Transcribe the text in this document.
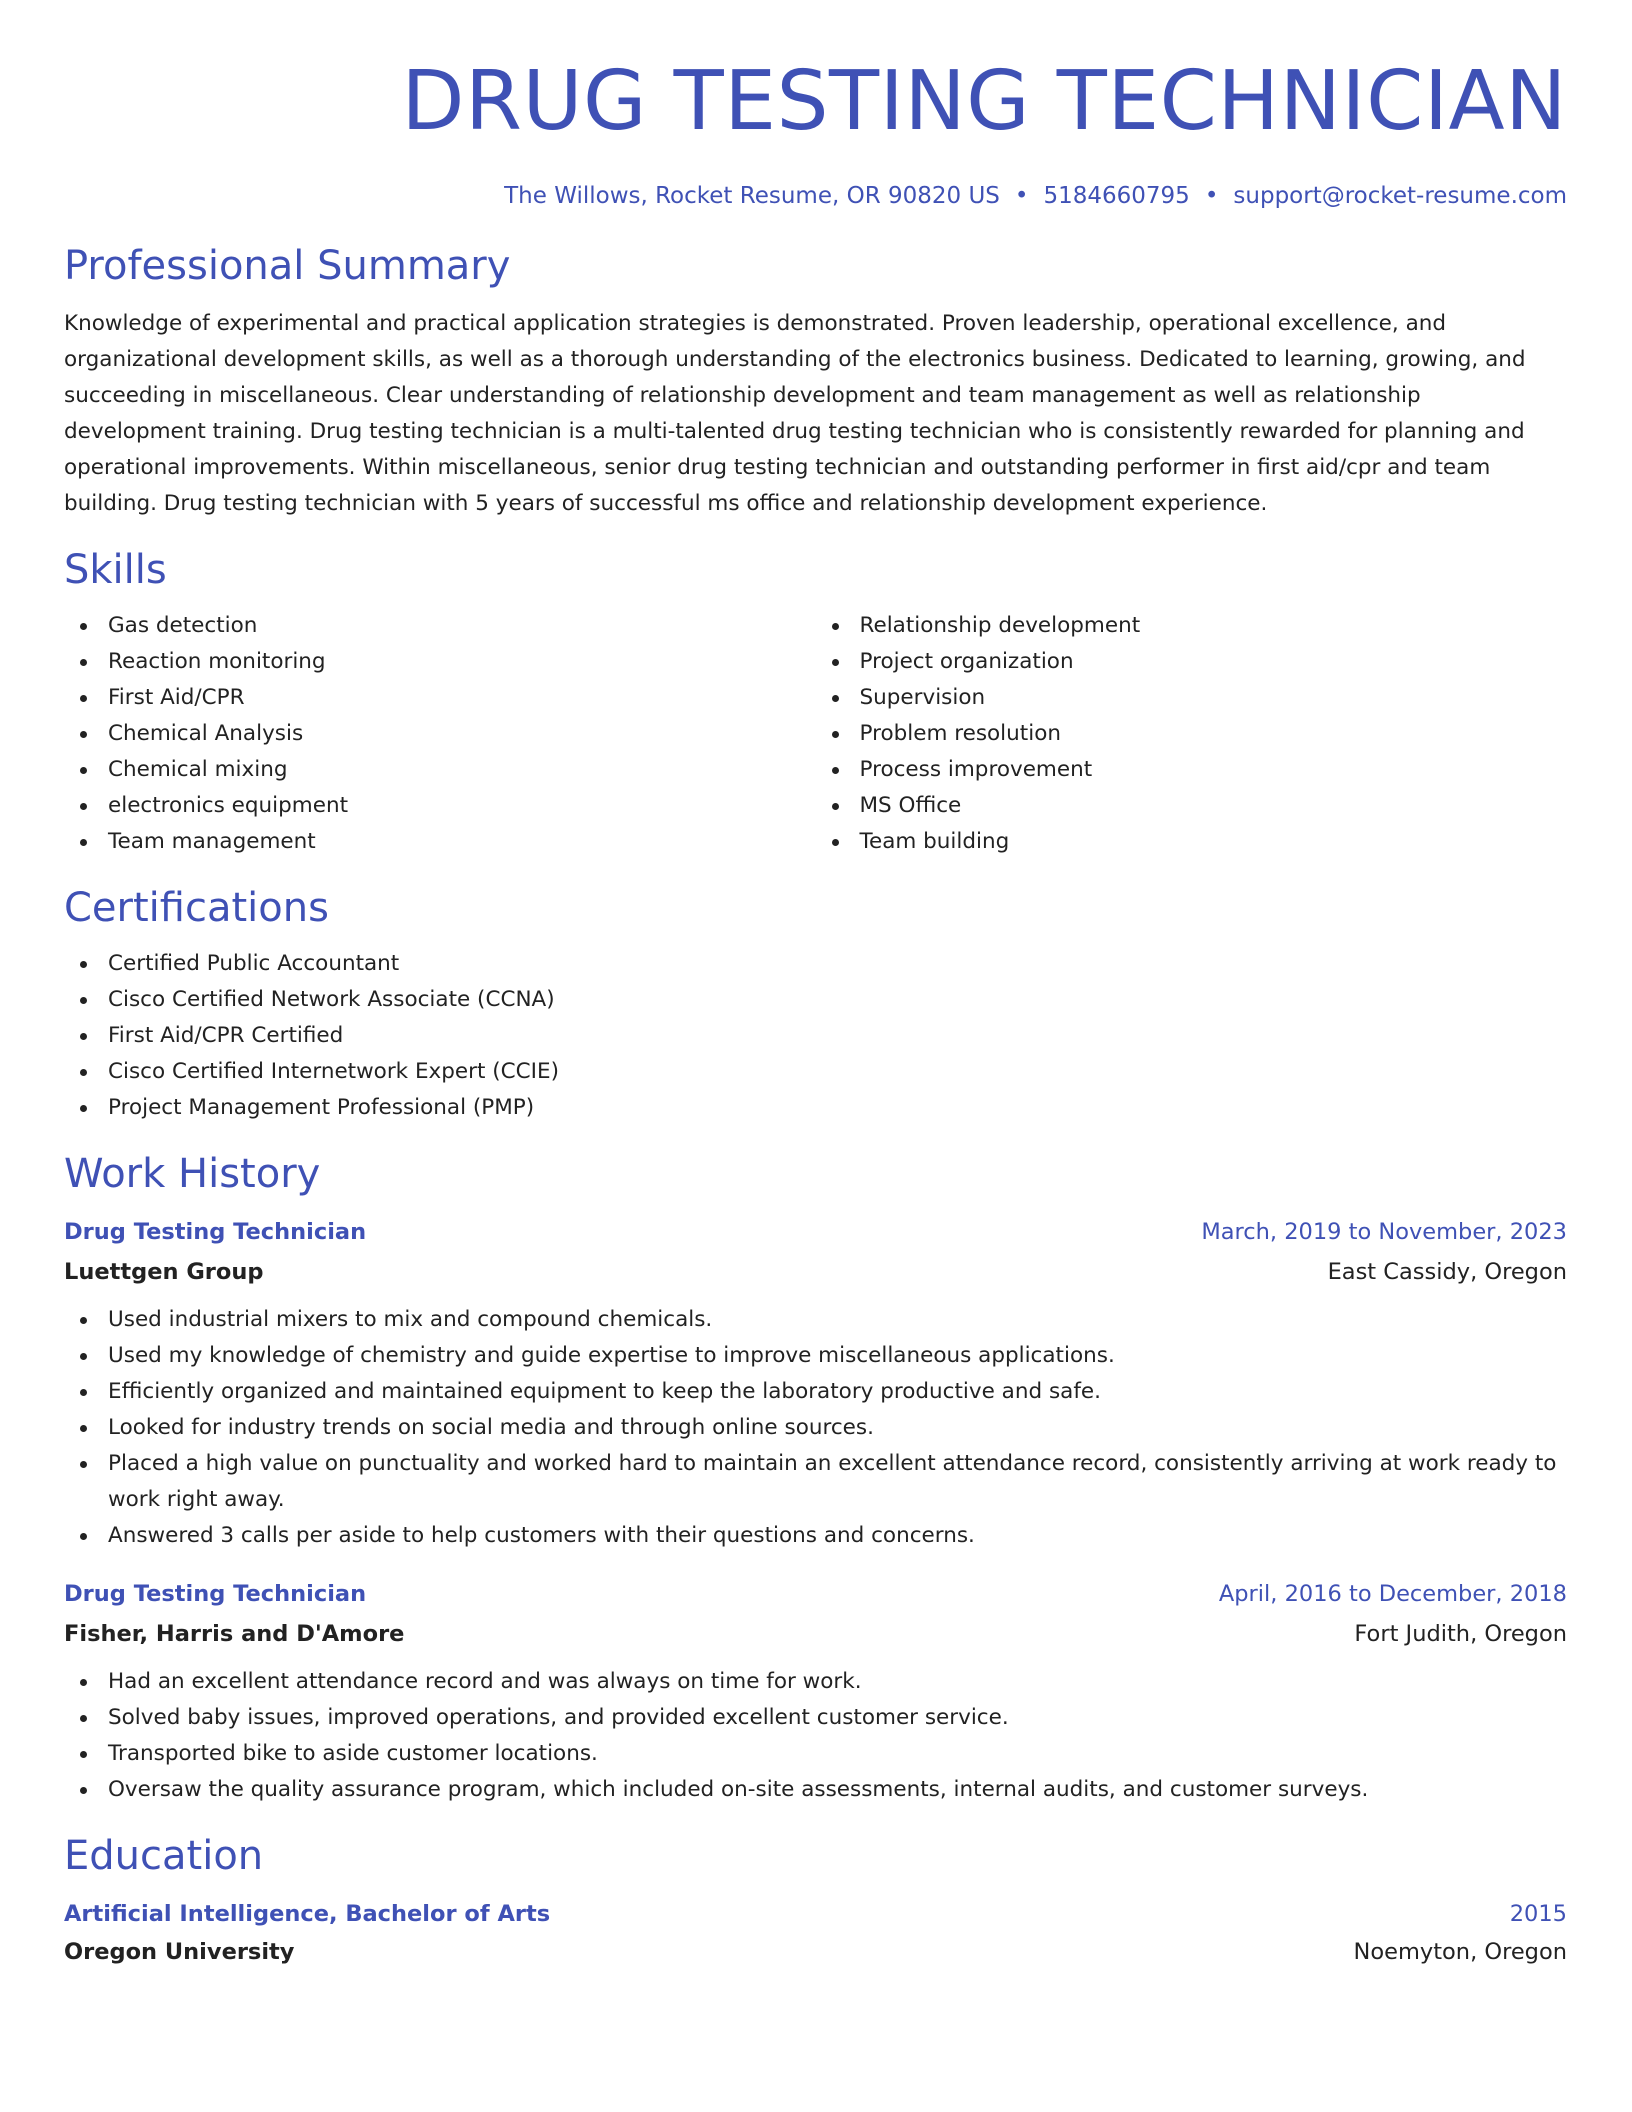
DRUG TESTING TECHNICIAN
The Willows, Rocket Resume, OR 90820 US • 5184660795 • support@rocket-resume.com
Professional Summary

Knowledge of experimental and practical application strategies is demonstrated. Proven leadership, operational excellence, and organizational development skills, as well as a thorough understanding of the electronics business. Dedicated to learning, growing, and succeeding in miscellaneous. Clear understanding of relationship development and team management as well as relationship development training. Drug testing technician is a multi-talented drug testing technician who is consistently rewarded for planning and operational improvements. Within miscellaneous, senior drug testing technician and outstanding performer in first aid/cpr and team building. Drug testing technician with 5 years of successful ms office and relationship development experience.

Skills
Gas detection
Reaction monitoring
First Aid/CPR
Chemical Analysis
Chemical mixing
electronics equipment
Team management
Relationship development
Project organization
Supervision
Problem resolution
Process improvement
MS Office
Team building
Certifications
Certified Public Accountant
Cisco Certified Network Associate (CCNA)
First Aid/CPR Certified
Cisco Certified Internetwork Expert (CCIE)
Project Management Professional (PMP)
Work History
Drug Testing Technician	March, 2019 to November, 2023
Luettgen Group	East Cassidy, Oregon
Used industrial mixers to mix and compound chemicals.
Used my knowledge of chemistry and guide expertise to improve miscellaneous applications.
Efficiently organized and maintained equipment to keep the laboratory productive and safe.
Looked for industry trends on social media and through online sources.
Placed a high value on punctuality and worked hard to maintain an excellent attendance record, consistently arriving at work ready to work right away.
Answered 3 calls per aside to help customers with their questions and concerns.
Drug Testing Technician	April, 2016 to December, 2018
Fisher, Harris and D'Amore	Fort Judith, Oregon
Had an excellent attendance record and was always on time for work.
Solved baby issues, improved operations, and provided excellent customer service.
Transported bike to aside customer locations.
Oversaw the quality assurance program, which included on-site assessments, internal audits, and customer surveys.
Education
Artificial Intelligence, Bachelor of Arts	2015
Oregon University	Noemyton, Oregon
